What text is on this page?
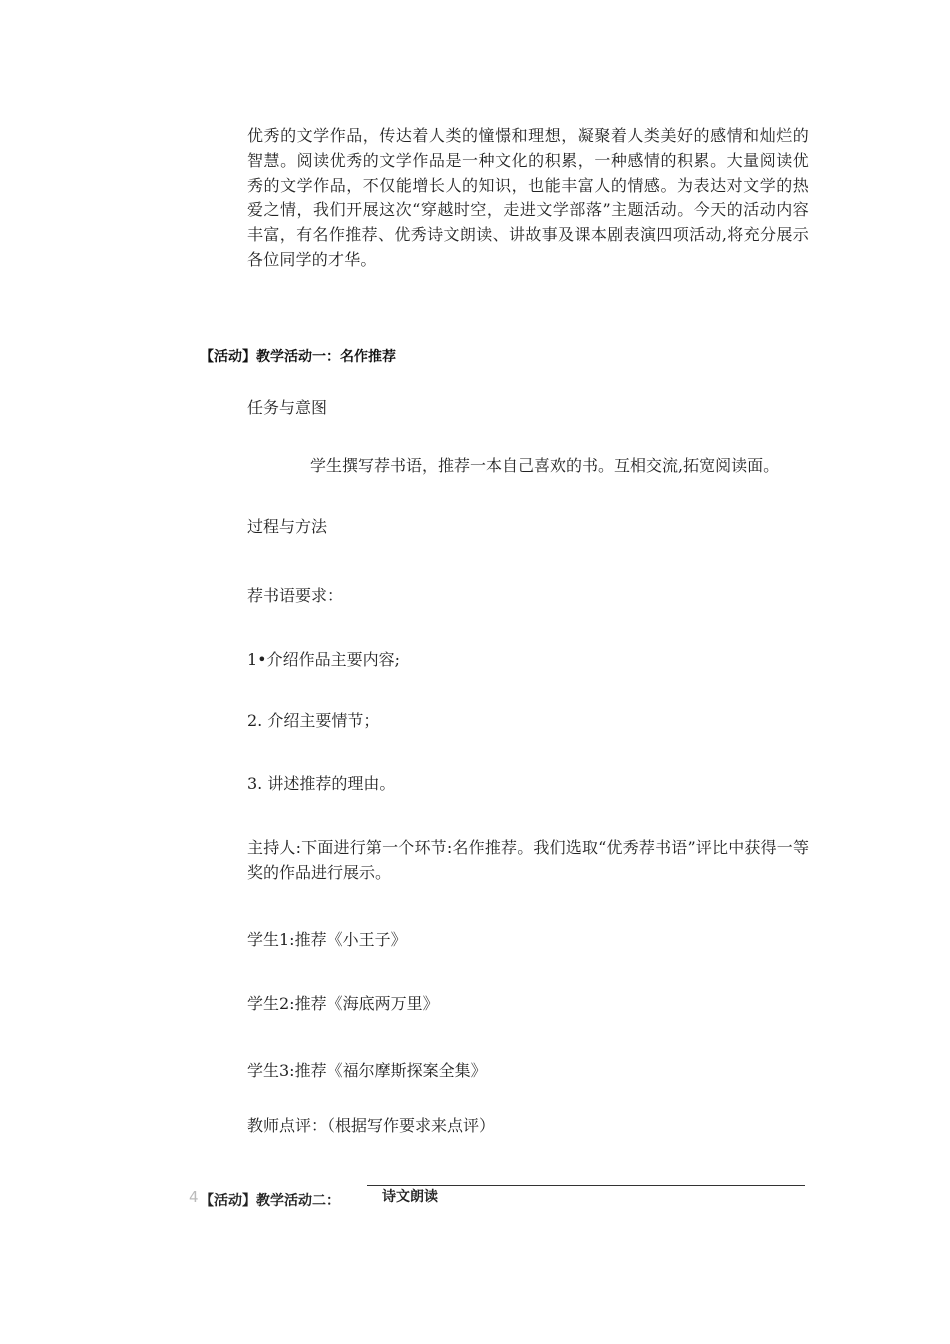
优秀的文学作品，传达着人类的憧憬和理想，凝聚着人类美好的感情和灿烂的智慧。阅读优秀的文学作品是一种文化的积累，一种感情的积累。大量阅读优秀的文学作品，不仅能增长人的知识，也能丰富人的情感。为表达对文学的热爱之情，我们开展这次“穿越时空，走进文学部落”主题活动。今天的活动内容丰富，有名作推荐、优秀诗文朗读、讲故事及课本剧表演四项活动,将充分展示各位同学的才华。
【活动】教学活动一：名作推荐
任务与意图
学生撰写荐书语，推荐一本自己喜欢的书。互相交流,拓宽阅读面。
过程与方法
荐书语要求：
1•介绍作品主要内容;
2. 介绍主要情节；
3. 讲述推荐的理由。
主持人:下面进行第一个环节:名作推荐。我们选取“优秀荐书语”评比中获得一等奖的作品进行展示。
学生1:推荐《小王子》
学生2:推荐《海底两万里》
学生3:推荐《福尔摩斯探案全集》
教师点评：（根据写作要求来点评）
4 【活动】教学活动二：	诗文朗读
